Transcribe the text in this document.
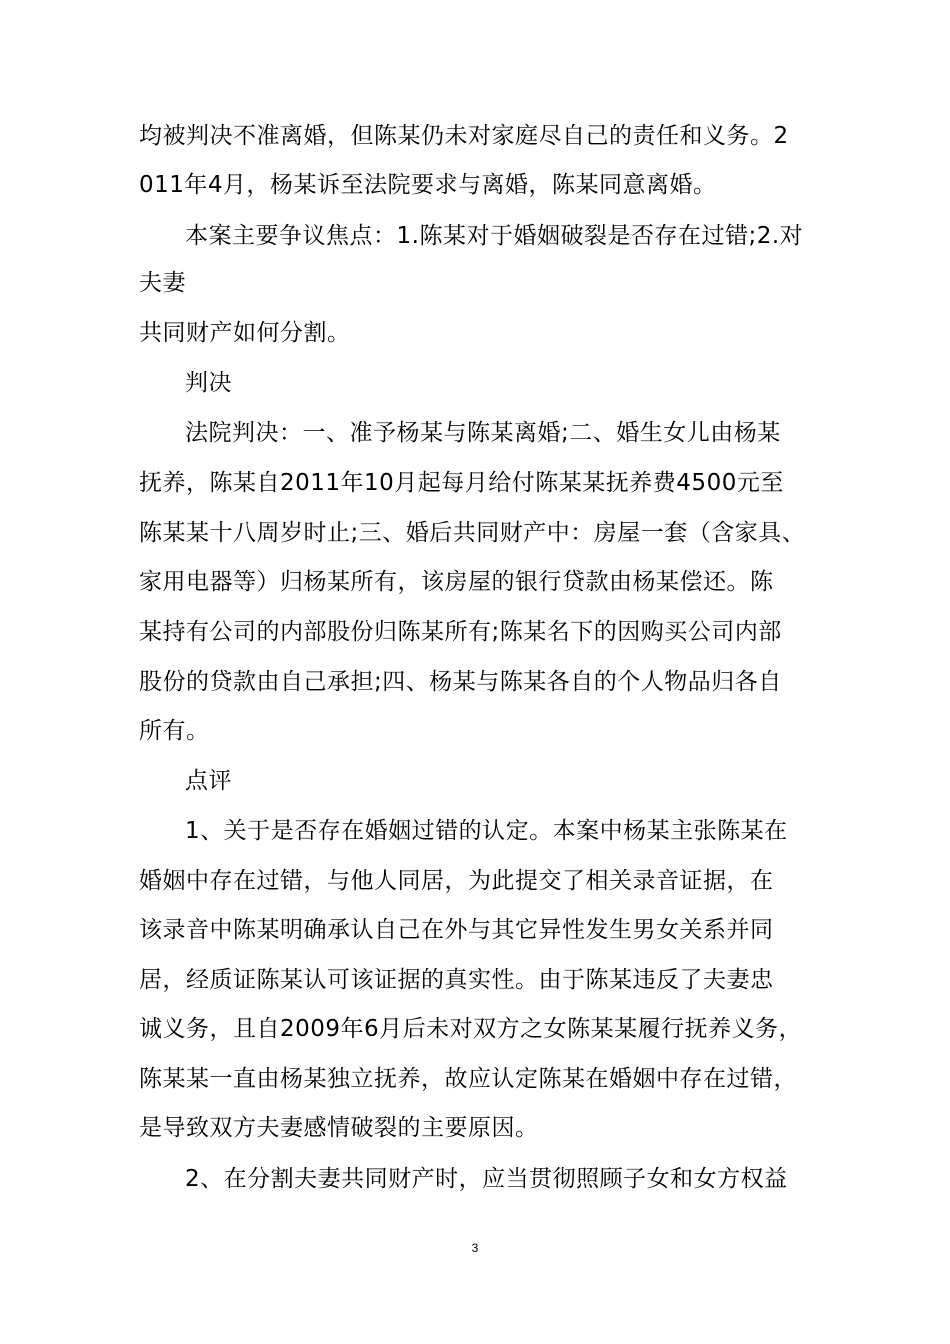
均被判决不准离婚，但陈某仍未对家庭尽自己的责任和义务。2
011年4月，杨某诉至法院要求与离婚，陈某同意离婚。
本案主要争议焦点：1.陈某对于婚姻破裂是否存在过错;2.对
夫妻
共同财产如何分割。
判决
法院判决：一、准予杨某与陈某离婚;二、婚生女儿由杨某
抚养，陈某自2011年10月起每月给付陈某某抚养费4500元至
陈某某十八周岁时止;三、婚后共同财产中：房屋一套（含家具、
家用电器等）归杨某所有，该房屋的银行贷款由杨某偿还。陈
某持有公司的内部股份归陈某所有;陈某名下的因购买公司内部
股份的贷款由自己承担;四、杨某与陈某各自的个人物品归各自
所有。
点评
1、关于是否存在婚姻过错的认定。本案中杨某主张陈某在
婚姻中存在过错，与他人同居，为此提交了相关录音证据，在
该录音中陈某明确承认自己在外与其它异性发生男女关系并同
居，经质证陈某认可该证据的真实性。由于陈某违反了夫妻忠
诚义务，且自2009年6月后未对双方之女陈某某履行抚养义务，
陈某某一直由杨某独立抚养，故应认定陈某在婚姻中存在过错，
是导致双方夫妻感情破裂的主要原因。
2、在分割夫妻共同财产时，应当贯彻照顾子女和女方权益
3
